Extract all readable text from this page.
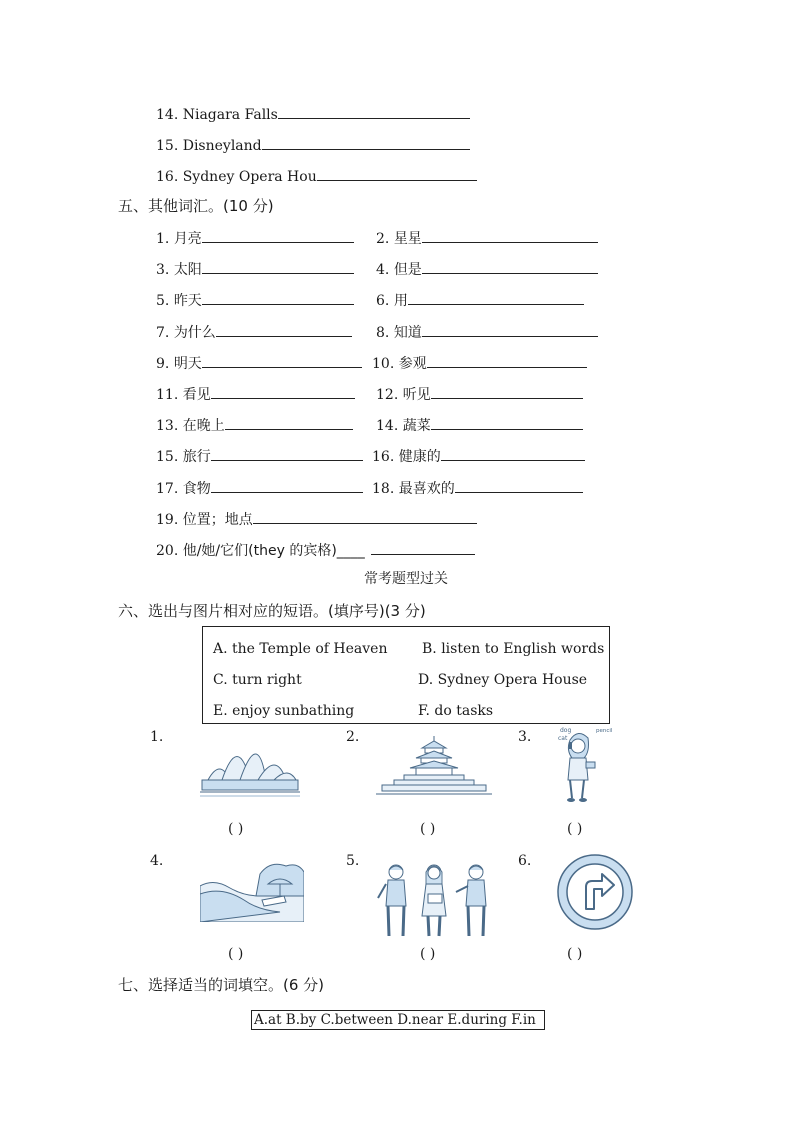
14. Niagara Falls
15. Disneyland
16. Sydney Opera Hou
五、其他词汇。(10 分)
1. 月亮	2. 星星
3. 太阳	4. 但是
5. 昨天	6. 用
7. 为什么	8. 知道
9. 明天	10. 参观
11. 看见	12. 听见
13. 在晚上	14. 蔬菜
15. 旅行	16. 健康的
17. 食物	18. 最喜欢的
19. 位置；地点
20. 他/她/它们(they 的宾格)____
常考题型过关
六、选出与图片相对应的短语。(填序号)(3 分)
A. the Temple of Heaven B. listen to English words
C. turn right	D. Sydney Opera House
E. enjoy sunbathing	F. do tasks
1.	2.	3.
4.	5.	6.
dog
cat
pencil
( )	( )	( )
( )	( )	( )
七、选择适当的词填空。(6 分)
A.at B.by C.between D.near E.during F.in
